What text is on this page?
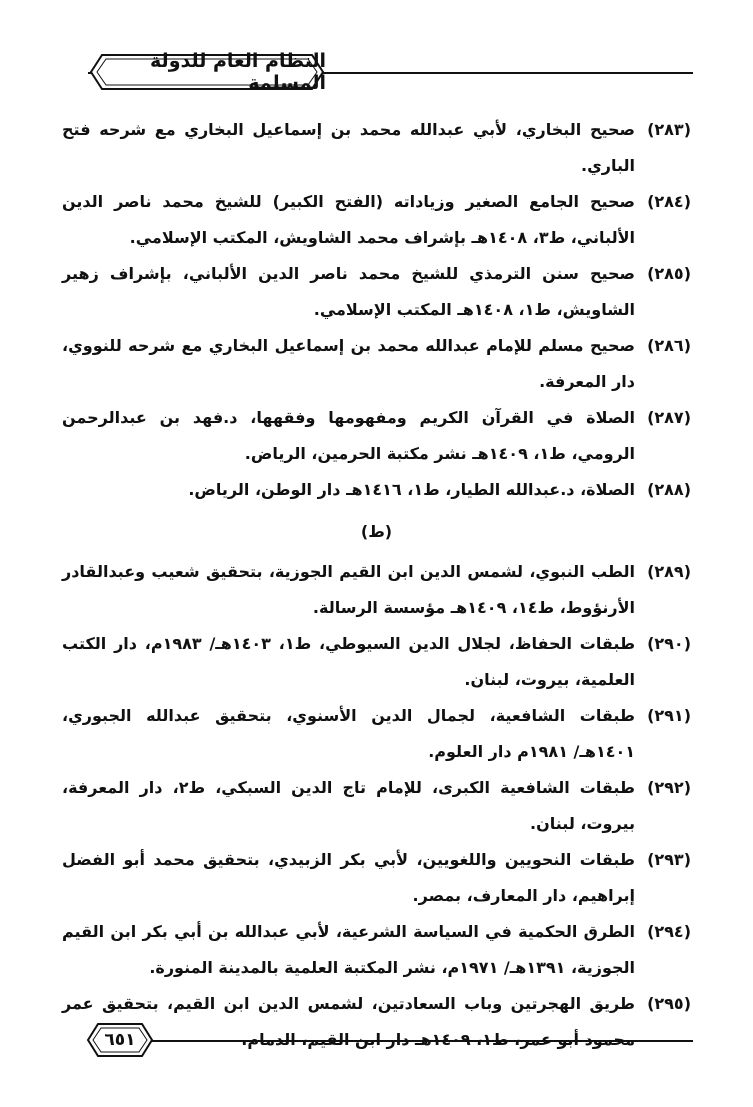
النظام العام للدولة المسلمة
(٢٨٣)
صحيح البخاري، لأبي عبدالله محمد بن إسماعيل البخاري مع شرحه فتح الباري.
(٢٨٤)
صحيح الجامع الصغير وزياداته (الفتح الكبير) للشيخ محمد ناصر الدين الألباني، ط٣، ١٤٠٨هـ بإشراف محمد الشاويش، المكتب الإسلامي.
(٢٨٥)
صحيح سنن الترمذي للشيخ محمد ناصر الدين الألباني، بإشراف زهير الشاويش، ط١، ١٤٠٨هـ المكتب الإسلامي.
(٢٨٦)
صحيح مسلم للإمام عبدالله محمد بن إسماعيل البخاري مع شرحه للنووي، دار المعرفة.
(٢٨٧)
الصلاة في القرآن الكريم ومفهومها وفقهها، د.فهد بن عبدالرحمن الرومي، ط١، ١٤٠٩هـ نشر مكتبة الحرمين، الرياض.
(٢٨٨)
الصلاة، د.عبدالله الطيار، ط١، ١٤١٦هـ دار الوطن، الرياض.
(ط)
(٢٨٩)
الطب النبوي، لشمس الدين ابن القيم الجوزية، بتحقيق شعيب وعبدالقادر الأرنؤوط، ط١٤، ١٤٠٩هـ مؤسسة الرسالة.
(٢٩٠)
طبقات الحفاظ، لجلال الدين السيوطي، ط١، ١٤٠٣هـ/ ١٩٨٣م، دار الكتب العلمية، بيروت، لبنان.
(٢٩١)
طبقات الشافعية، لجمال الدين الأسنوي، بتحقيق عبدالله الجبوري، ١٤٠١هـ/ ١٩٨١م دار العلوم.
(٢٩٢)
طبقات الشافعية الكبرى، للإمام تاج الدين السبكي، ط٢، دار المعرفة، بيروت، لبنان.
(٢٩٣)
طبقات النحويين واللغويين، لأبي بكر الزبيدي، بتحقيق محمد أبو الفضل إبراهيم، دار المعارف، بمصر.
(٢٩٤)
الطرق الحكمية في السياسة الشرعية، لأبي عبدالله بن أبي بكر ابن القيم الجوزية، ١٣٩١هـ/ ١٩٧١م، نشر المكتبة العلمية بالمدينة المنورة.
(٢٩٥)
طريق الهجرتين وباب السعادتين، لشمس الدين ابن القيم، بتحقيق عمر
٦٥١
